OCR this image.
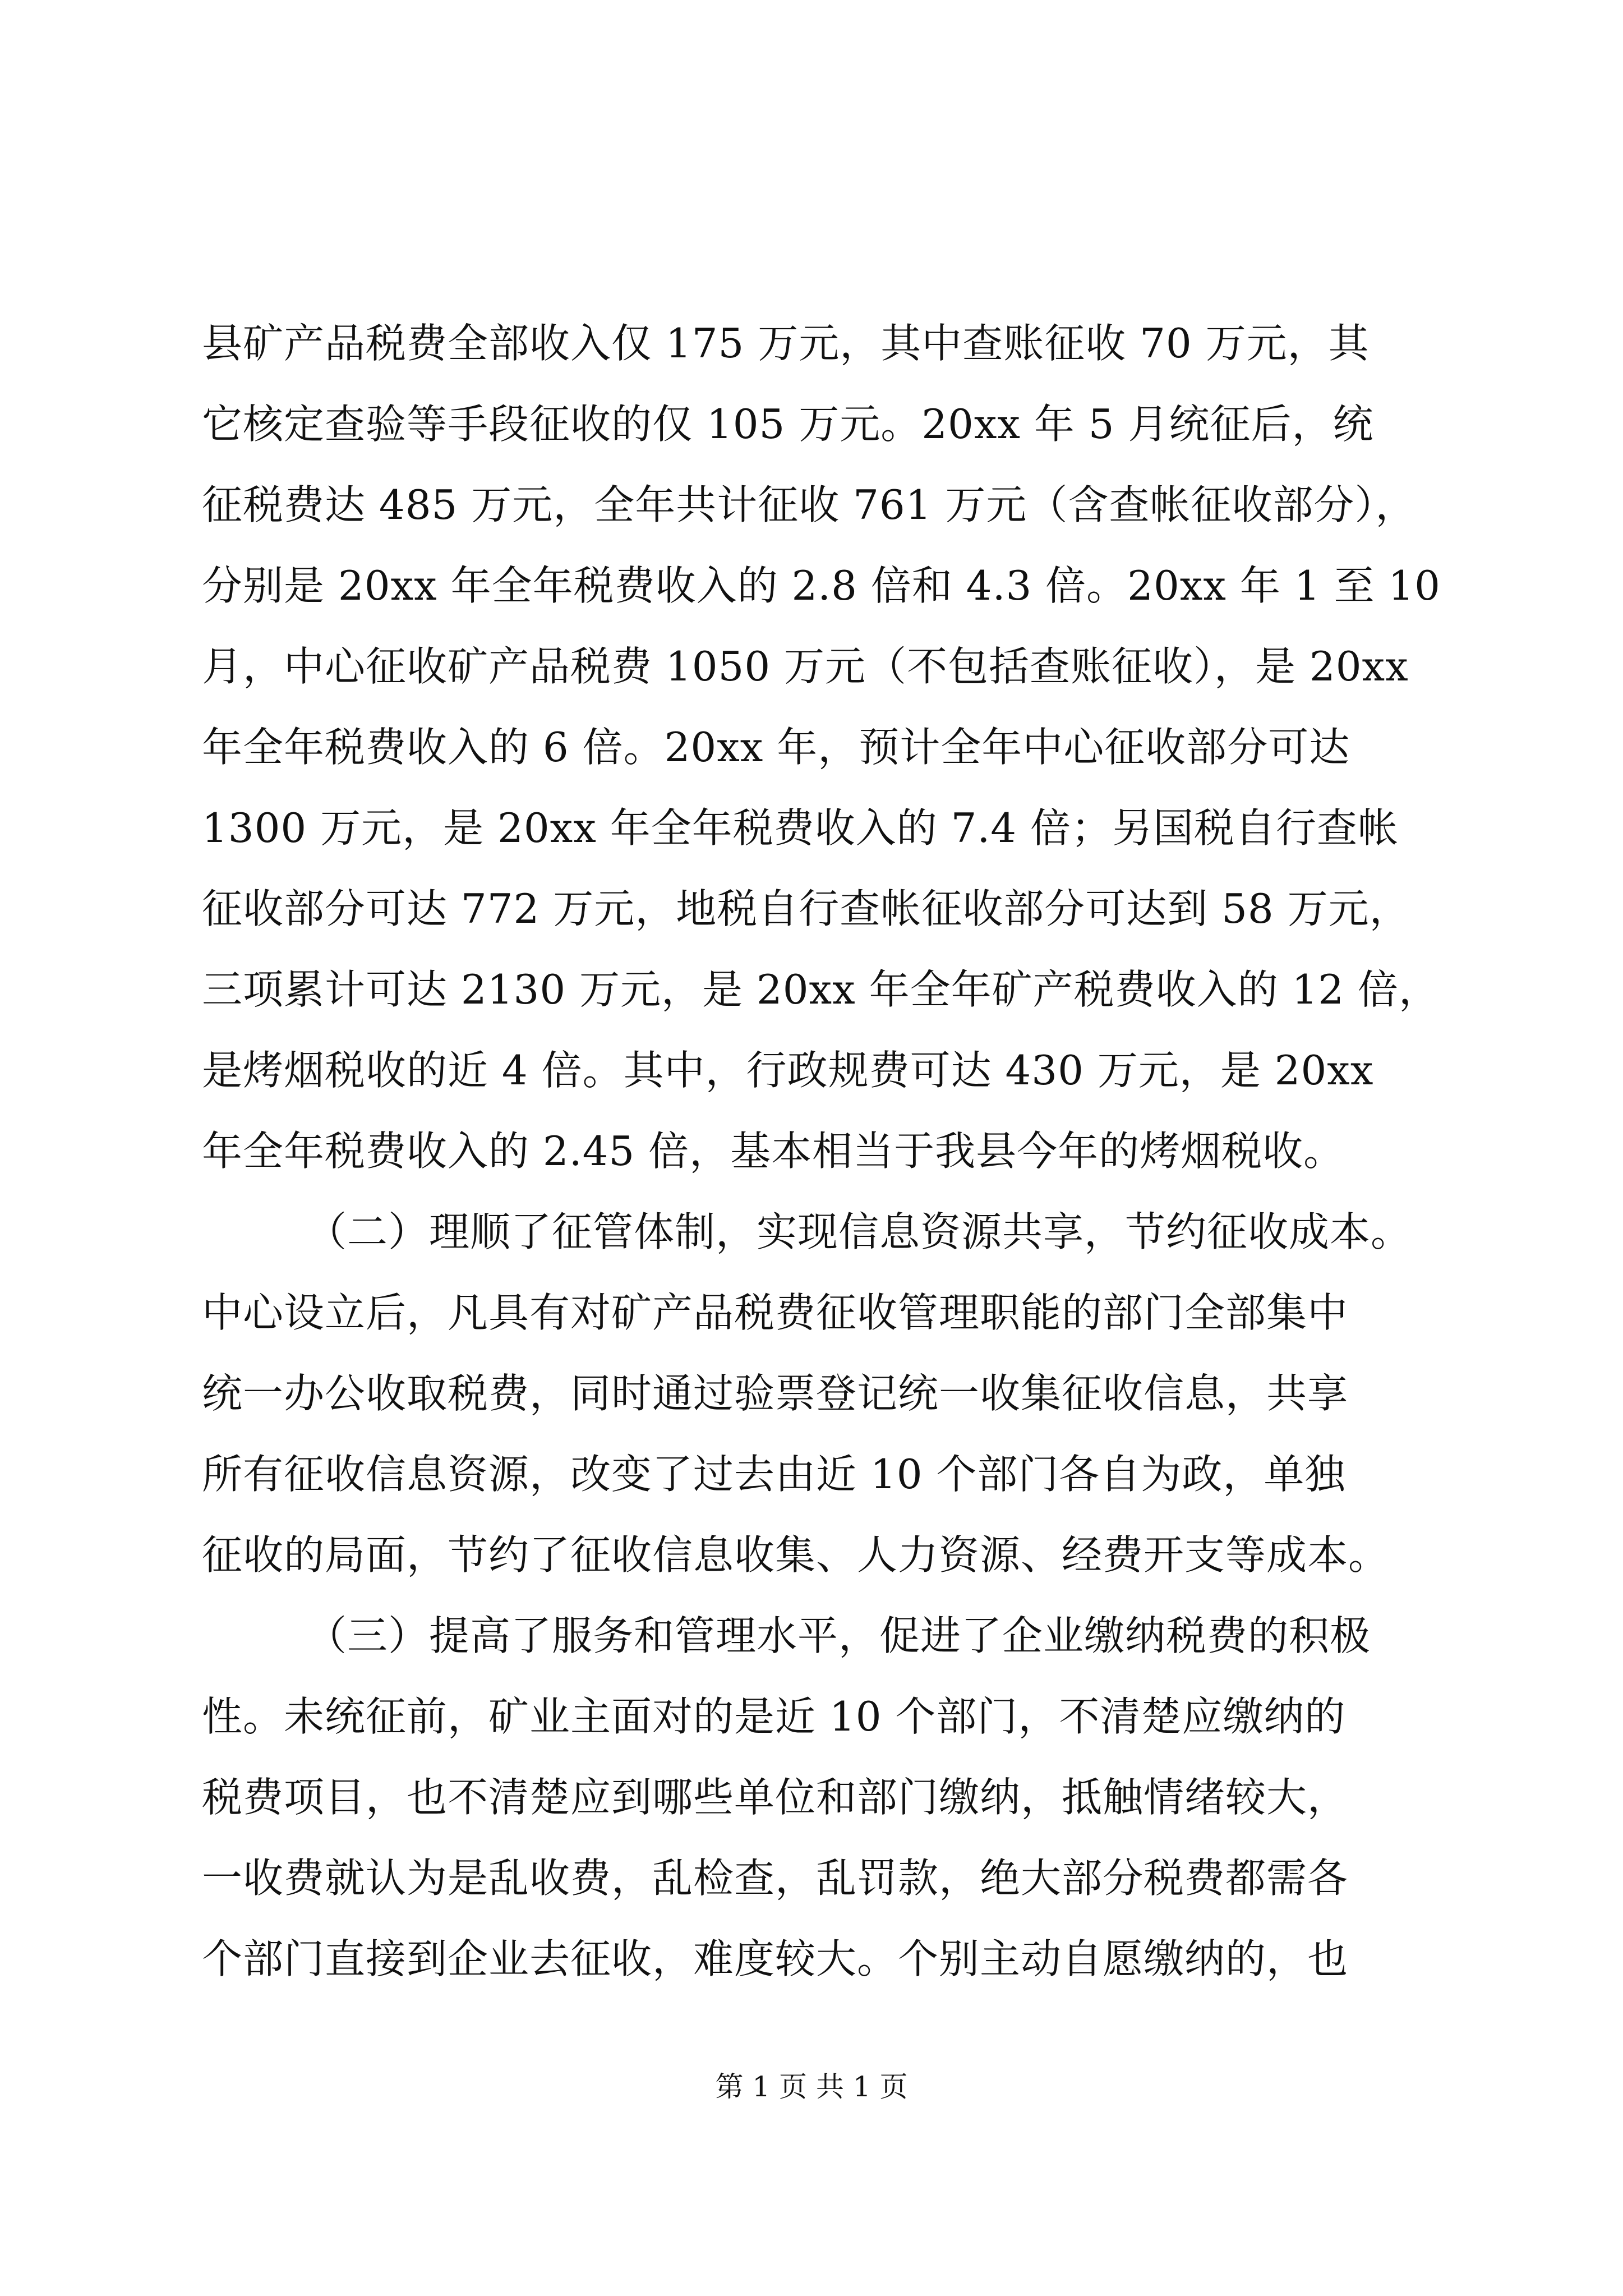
县矿产品税费全部收入仅 175 万元，其中查账征收 70 万元，其
它核定查验等手段征收的仅 105 万元。20xx 年 5 月统征后，统
征税费达 485 万元，全年共计征收 761 万元（含查帐征收部分），
分别是 20xx 年全年税费收入的 2.8 倍和 4.3 倍。20xx 年 1 至 10
月，中心征收矿产品税费 1050 万元（不包括查账征收），是 20xx
年全年税费收入的 6 倍。20xx 年，预计全年中心征收部分可达
1300 万元，是 20xx 年全年税费收入的 7.4 倍；另国税自行查帐
征收部分可达 772 万元，地税自行查帐征收部分可达到 58 万元，
三项累计可达 2130 万元，是 20xx 年全年矿产税费收入的 12 倍，
是烤烟税收的近 4 倍。其中，行政规费可达 430 万元，是 20xx
年全年税费收入的 2.45 倍，基本相当于我县今年的烤烟税收。
（二）理顺了征管体制，实现信息资源共享，节约征收成本。
中心设立后，凡具有对矿产品税费征收管理职能的部门全部集中
统一办公收取税费，同时通过验票登记统一收集征收信息，共享
所有征收信息资源，改变了过去由近 10 个部门各自为政，单独
征收的局面，节约了征收信息收集、人力资源、经费开支等成本。
（三）提高了服务和管理水平，促进了企业缴纳税费的积极
性。未统征前，矿业主面对的是近 10 个部门，不清楚应缴纳的
税费项目，也不清楚应到哪些单位和部门缴纳，抵触情绪较大，
一收费就认为是乱收费，乱检查，乱罚款，绝大部分税费都需各
个部门直接到企业去征收，难度较大。个别主动自愿缴纳的，也
第 1 页 共 1 页
